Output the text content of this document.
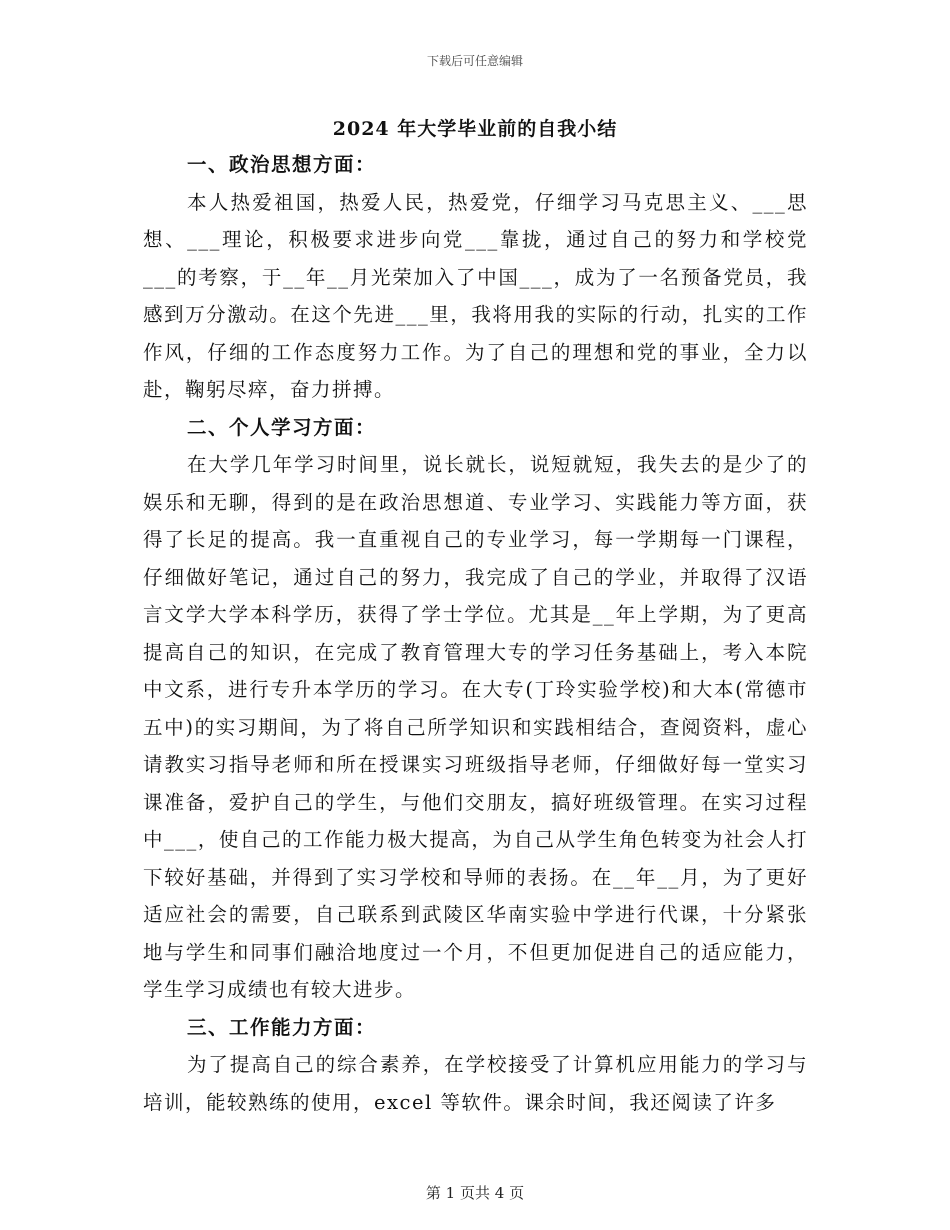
下载后可任意编辑
2024 年大学毕业前的自我小结

一、政治思想方面：

本人热爱祖国，热爱人民，热爱党，仔细学习马克思主义、___思想、___理论，积极要求进步向党___靠拢，通过自己的努力和学校党___的考察，于__年__月光荣加入了中国___，成为了一名预备党员，我感到万分激动。在这个先进___里，我将用我的实际的行动，扎实的工作作风，仔细的工作态度努力工作。为了自己的理想和党的事业，全力以赴，鞠躬尽瘁，奋力拼搏。

二、个人学习方面：

在大学几年学习时间里，说长就长，说短就短，我失去的是少了的娱乐和无聊，得到的是在政治思想道、专业学习、实践能力等方面，获得了长足的提高。我一直重视自己的专业学习，每一学期每一门课程，仔细做好笔记，通过自己的努力，我完成了自己的学业，并取得了汉语言文学大学本科学历，获得了学士学位。尤其是__年上学期，为了更高提高自己的知识，在完成了教育管理大专的学习任务基础上，考入本院中文系，进行专升本学历的学习。在大专(丁玲实验学校)和大本(常德市五中)的实习期间，为了将自己所学知识和实践相结合，查阅资料，虚心请教实习指导老师和所在授课实习班级指导老师，仔细做好每一堂实习课准备，爱护自己的学生，与他们交朋友，搞好班级管理。在实习过程中___，使自己的工作能力极大提高，为自己从学生角色转变为社会人打下较好基础，并得到了实习学校和导师的表扬。在__年__月，为了更好适应社会的需要，自己联系到武陵区华南实验中学进行代课，十分紧张地与学生和同事们融洽地度过一个月，不但更加促进自己的适应能力，学生学习成绩也有较大进步。

三、工作能力方面：

为了提高自己的综合素养，在学校接受了计算机应用能力的学习与培训，能较熟练的使用，excel 等软件。课余时间，我还阅读了许多

第 1 页共 4 页
